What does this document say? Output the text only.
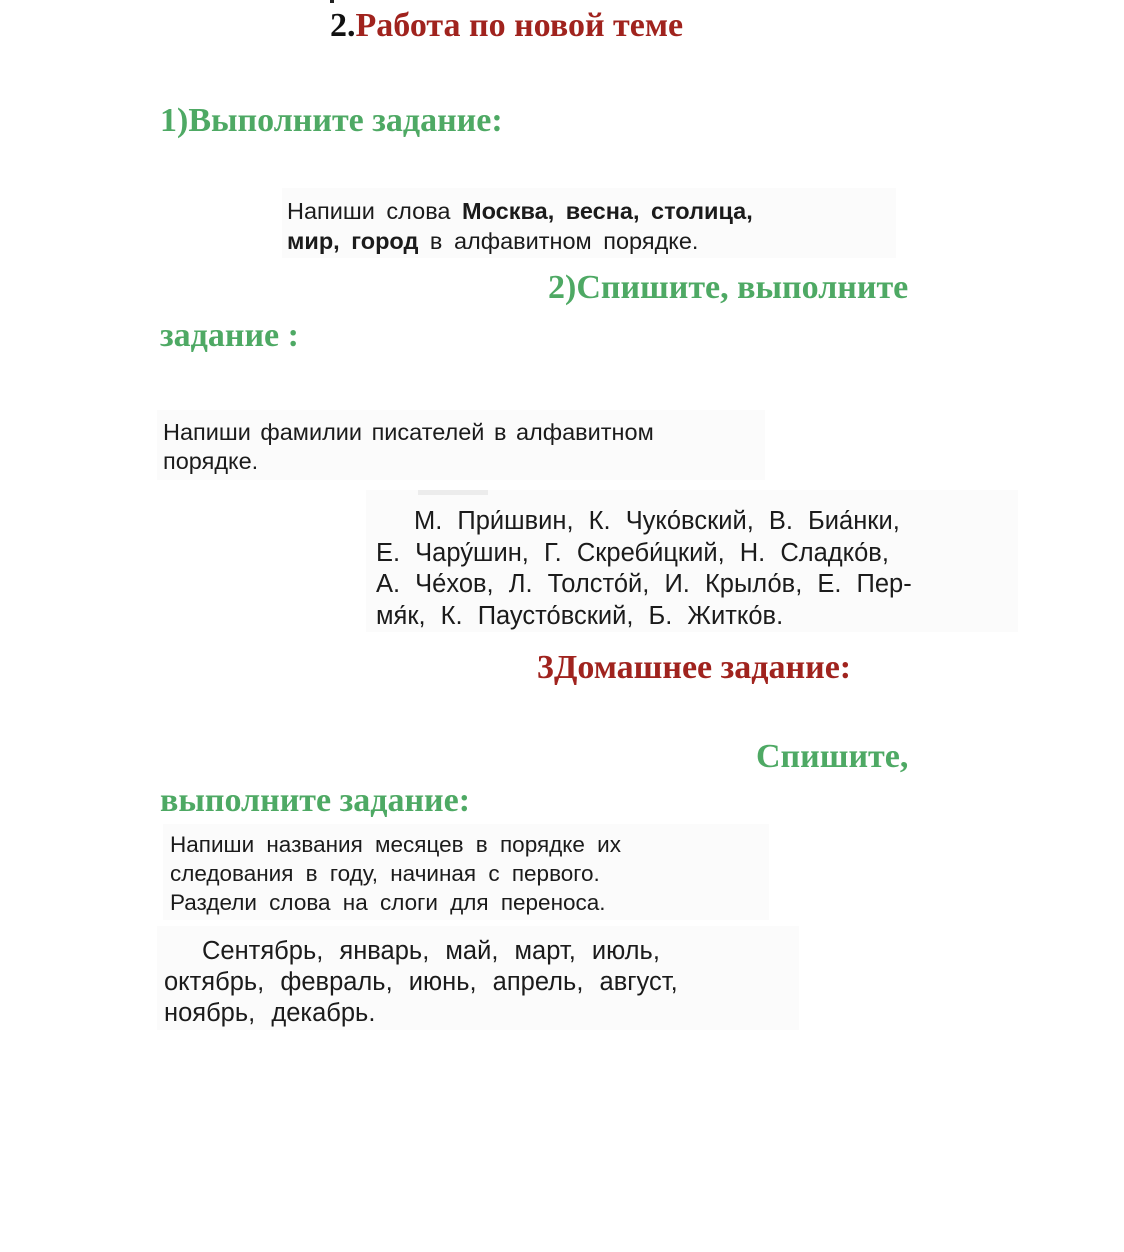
2.Работа по новой теме
1)Выполните задание:
Напиши слова Москва, весна, столица,
мир, город в алфавитном порядке.
2)Спишите, выполните
задание :
Напиши фамилии писателей в алфавитном
порядке.
М. При́швин, К. Чуко́вский, В. Биа́нки,
Е. Чару́шин, Г. Скреби́цкий, Н. Сладко́в,
А. Че́хов, Л. Толсто́й, И. Крыло́в, Е. Пер-
мя́к, К. Паусто́вский, Б. Житко́в.
3Домашнее задание:
Спишите,
выполните задание:
Напиши названия месяцев в порядке их
следования в году, начиная с первого.
Раздели слова на слоги для переноса.
Сентябрь, январь, май, март, июль,
октябрь, февраль, июнь, апрель, август,
ноябрь, декабрь.
